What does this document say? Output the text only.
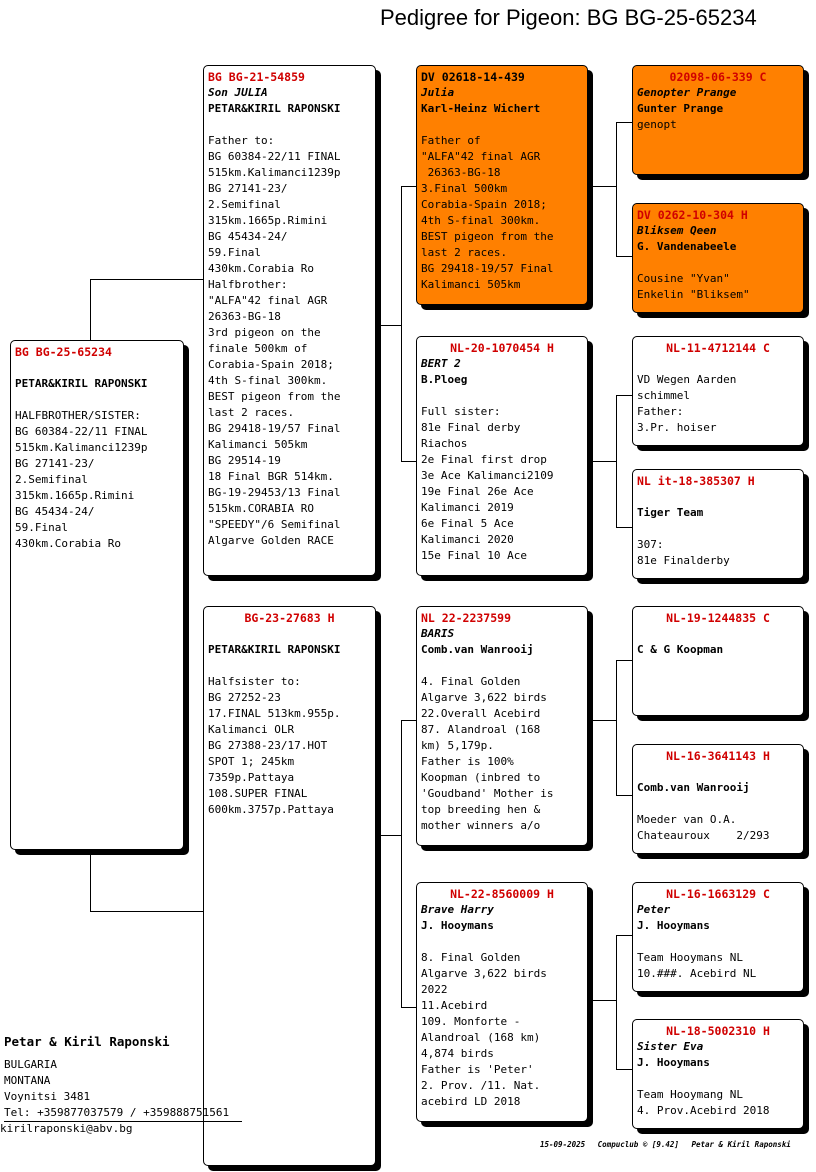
Pedigree for Pigeon: BG BG-25-65234
BG BG-25-65234
PETAR&KIRIL RAPONSKI
HALFBROTHER/SISTER:
BG 60384-22/11 FINAL
515km.Kalimanci1239p
BG 27141-23/
2.Semifinal
315km.1665p.Rimini
BG 45434-24/
59.Final
430km.Corabia Ro
BG BG-21-54859
Son JULIA
PETAR&KIRIL RAPONSKI
Father to:
BG 60384-22/11 FINAL
515km.Kalimanci1239p
BG 27141-23/
2.Semifinal
315km.1665p.Rimini
BG 45434-24/
59.Final
430km.Corabia Ro
Halfbrother:
"ALFA"42 final AGR
26363-BG-18
3rd pigeon on the
finale 500km of
Corabia-Spain 2018;
4th S-final 300km.
BEST pigeon from the
last 2 races.
BG 29418-19/57 Final
Kalimanci 505km
BG 29514-19
18 Final BGR 514km.
BG-19-29453/13 Final
515km.CORABIA RO
"SPEEDY"/6 Semifinal
Algarve Golden RACE
BG-23-27683 H
PETAR&KIRIL RAPONSKI
Halfsister to:
BG 27252-23
17.FINAL 513km.955p.
Kalimanci OLR
BG 27388-23/17.HOT
SPOT 1; 245km
7359p.Pattaya
108.SUPER FINAL
600km.3757p.Pattaya
DV 02618-14-439
Julia
Karl-Heinz Wichert
Father of
"ALFA"42 final AGR
26363-BG-18
3.Final 500km
Corabia-Spain 2018;
4th S-final 300km.
BEST pigeon from the
last 2 races.
BG 29418-19/57 Final
Kalimanci 505km
NL-20-1070454 H
BERT 2
B.Ploeg
Full sister:
81e Final derby
Riachos
2e Final first drop
3e Ace Kalimanci2109
19e Final 26e Ace
Kalimanci 2019
6e Final 5 Ace
Kalimanci 2020
15e Final 10 Ace
NL 22-2237599
BARIS
Comb.van Wanrooij
4. Final Golden
Algarve 3,622 birds
22.Overall Acebird
87. Alandroal (168
km) 5,179p.
Father is 100%
Koopman (inbred to
'Goudband' Mother is
top breeding hen &
mother winners a/o
NL-22-8560009 H
Brave Harry
J. Hooymans
8. Final Golden
Algarve 3,622 birds
2022
11.Acebird
109. Monforte -
Alandroal (168 km)
4,874 birds
Father is 'Peter'
2. Prov. /11. Nat.
acebird LD 2018
02098-06-339 C
Genopter Prange
Gunter Prange
genopt
DV 0262-10-304 H
Bliksem Qeen
G. Vandenabeele
Cousine "Yvan"
Enkelin "Bliksem"
NL-11-4712144 C
VD Wegen Aarden
schimmel
Father:
3.Pr. hoiser
NL it-18-385307 H
Tiger Team
307:
81e Finalderby
NL-19-1244835 C
C & G Koopman
NL-16-3641143 H
Comb.van Wanrooij
Moeder van O.A.
Chateauroux    2/293
NL-16-1663129 C
Peter
J. Hooymans
Team Hooymans NL
10.###. Acebird NL
NL-18-5002310 H
Sister Eva
J. Hooymans
Team Hooymang NL
4. Prov.Acebird 2018
Petar & Kiril Raponski
BULGARIA
MONTANA
Voynitsi 3481
Tel: +359877037579 / +359888751561
kirilraponski@abv.bg
15-09-2025 Compuclub © [9.42] Petar & Kiril Raponski
